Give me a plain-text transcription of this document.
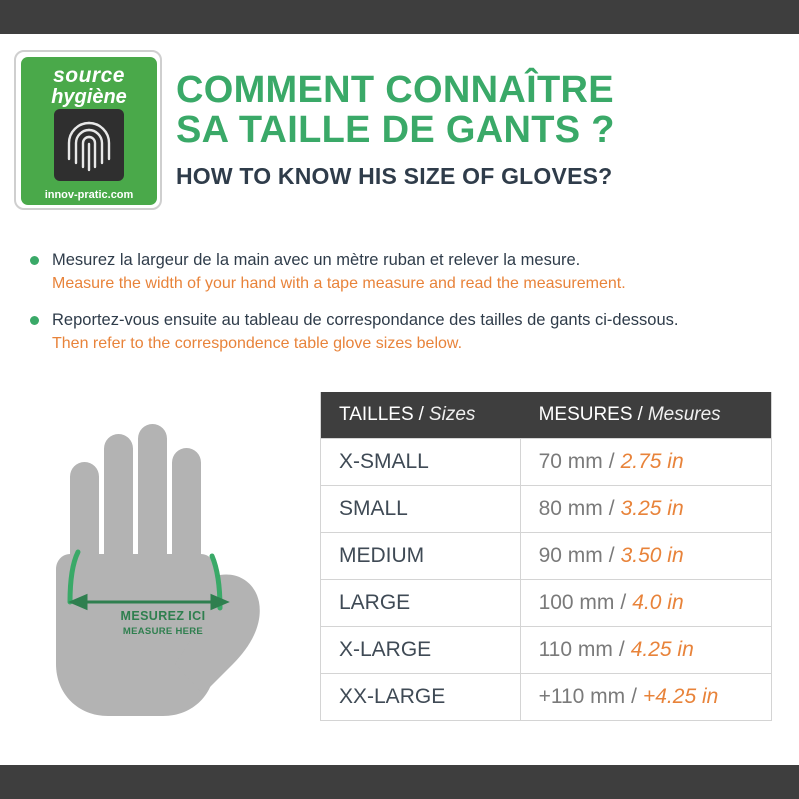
source
hygiène
innov-pratic.com
COMMENT CONNAÎTRE
SA TAILLE DE GANTS ?
HOW TO KNOW HIS SIZE OF GLOVES?
Mesurez la largeur de la main avec un mètre ruban et relever la mesure.
Measure the width of your hand with a tape measure and read the measurement.
Reportez-vous ensuite au tableau de correspondance des tailles de gants ci-dessous.
Then refer to the correspondence table glove sizes below.
MESUREZ ICI
MEASURE HERE
TAILLES / Sizes	MESURES / Mesures
X-SMALL	70 mm / 2.75 in
SMALL	80 mm / 3.25 in
MEDIUM	90 mm / 3.50 in
LARGE	100 mm / 4.0 in
X-LARGE	110 mm / 4.25 in
XX-LARGE	+110 mm / +4.25 in
